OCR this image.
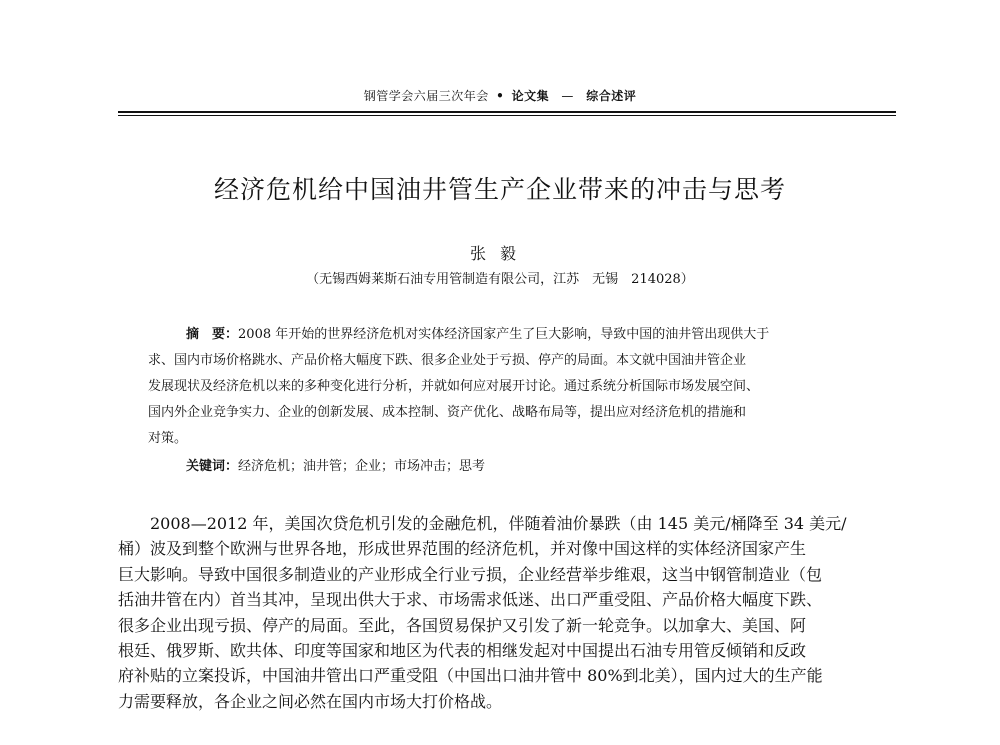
钢管学会六届三次年会 • 论文集 — 综合述评
经济危机给中国油井管生产企业带来的冲击与思考
张毅
（无锡西姆莱斯石油专用管制造有限公司，江苏　无锡　214028）
摘 要：2008 年开始的世界经济危机对实体经济国家产生了巨大影响，导致中国的油井管出现供大于
求、国内市场价格跳水、产品价格大幅度下跌、很多企业处于亏损、停产的局面。本文就中国油井管企业
发展现状及经济危机以来的多种变化进行分析，并就如何应对展开讨论。通过系统分析国际市场发展空间、
国内外企业竞争实力、企业的创新发展、成本控制、资产优化、战略布局等，提出应对经济危机的措施和
对策。
关键词：经济危机；油井管；企业；市场冲击；思考
2008—2012 年，美国次贷危机引发的金融危机，伴随着油价暴跌（由 145 美元/桶降至 34 美元/
桶）波及到整个欧洲与世界各地，形成世界范围的经济危机，并对像中国这样的实体经济国家产生
巨大影响。导致中国很多制造业的产业形成全行业亏损，企业经营举步维艰，这当中钢管制造业（包
括油井管在内）首当其冲，呈现出供大于求、市场需求低迷、出口严重受阻、产品价格大幅度下跌、
很多企业出现亏损、停产的局面。至此，各国贸易保护又引发了新一轮竞争。以加拿大、美国、阿
根廷、俄罗斯、欧共体、印度等国家和地区为代表的相继发起对中国提出石油专用管反倾销和反政
府补贴的立案投诉，中国油井管出口严重受阻（中国出口油井管中 80%到北美），国内过大的生产能
力需要释放，各企业之间必然在国内市场大打价格战。
